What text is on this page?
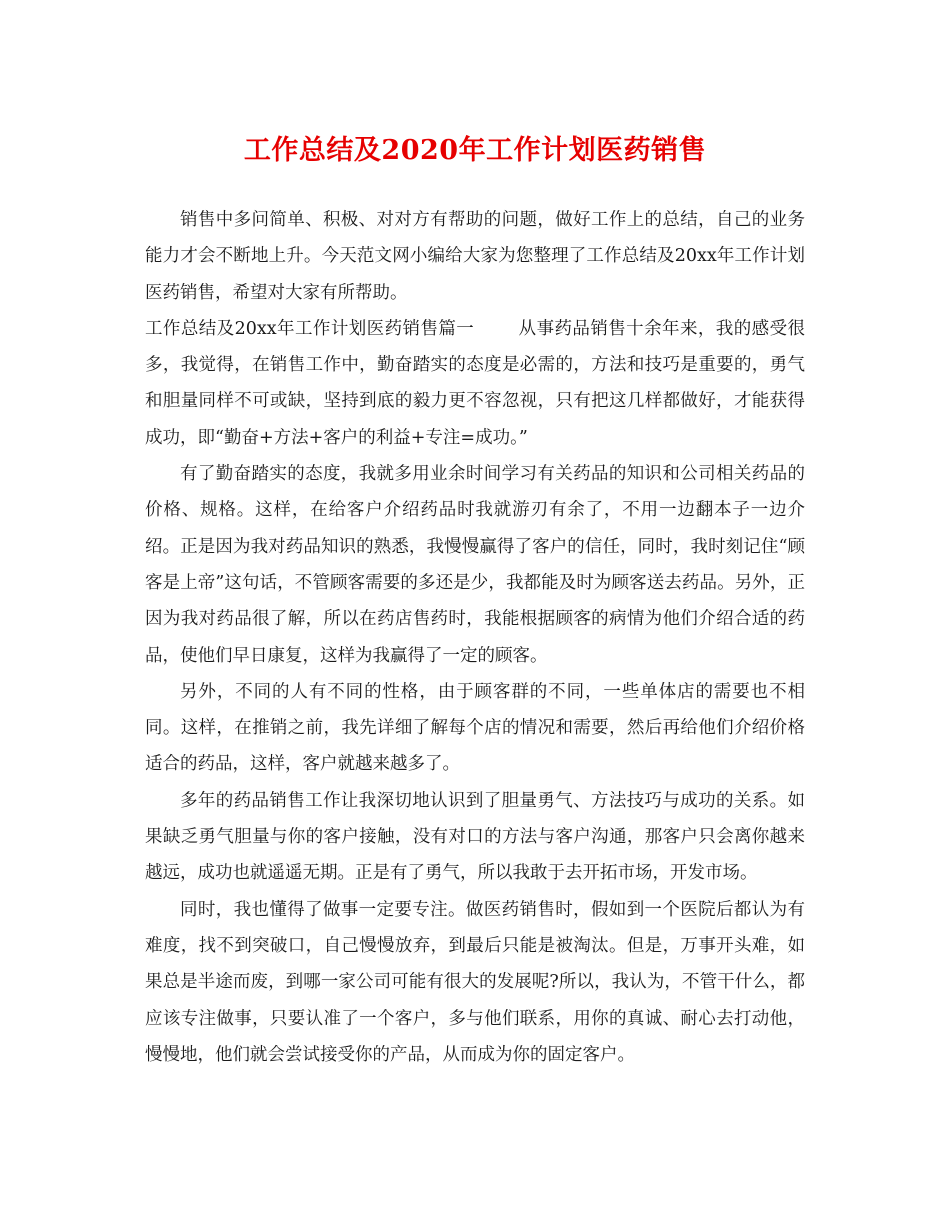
工作总结及2020年工作计划医药销售

销售中多问简单、积极、对对方有帮助的问题，做好工作上的总结，自己的业务能力才会不断地上升。今天范文网小编给大家为您整理了工作总结及20xx年工作计划医药销售，希望对大家有所帮助。

工作总结及20xx年工作计划医药销售篇一	从事药品销售十余年来，我的感受很多，我觉得，在销售工作中，勤奋踏实的态度是必需的，方法和技巧是重要的，勇气和胆量同样不可或缺，坚持到底的毅力更不容忽视，只有把这几样都做好，才能获得成功，即“勤奋+方法+客户的利益+专注=成功。”

有了勤奋踏实的态度，我就多用业余时间学习有关药品的知识和公司相关药品的价格、规格。这样，在给客户介绍药品时我就游刃有余了，不用一边翻本子一边介绍。正是因为我对药品知识的熟悉，我慢慢赢得了客户的信任，同时，我时刻记住“顾客是上帝”这句话，不管顾客需要的多还是少，我都能及时为顾客送去药品。另外，正因为我对药品很了解，所以在药店售药时，我能根据顾客的病情为他们介绍合适的药品，使他们早日康复，这样为我赢得了一定的顾客。

另外，不同的人有不同的性格，由于顾客群的不同，一些单体店的需要也不相同。这样，在推销之前，我先详细了解每个店的情况和需要，然后再给他们介绍价格适合的药品，这样，客户就越来越多了。

多年的药品销售工作让我深切地认识到了胆量勇气、方法技巧与成功的关系。如果缺乏勇气胆量与你的客户接触，没有对口的方法与客户沟通，那客户只会离你越来越远，成功也就遥遥无期。正是有了勇气，所以我敢于去开拓市场，开发市场。

同时，我也懂得了做事一定要专注。做医药销售时，假如到一个医院后都认为有难度，找不到突破口，自己慢慢放弃，到最后只能是被淘汰。但是，万事开头难，如果总是半途而废，到哪一家公司可能有很大的发展呢?所以，我认为，不管干什么，都应该专注做事，只要认准了一个客户，多与他们联系，用你的真诚、耐心去打动他，慢慢地，他们就会尝试接受你的产品，从而成为你的固定客户。
